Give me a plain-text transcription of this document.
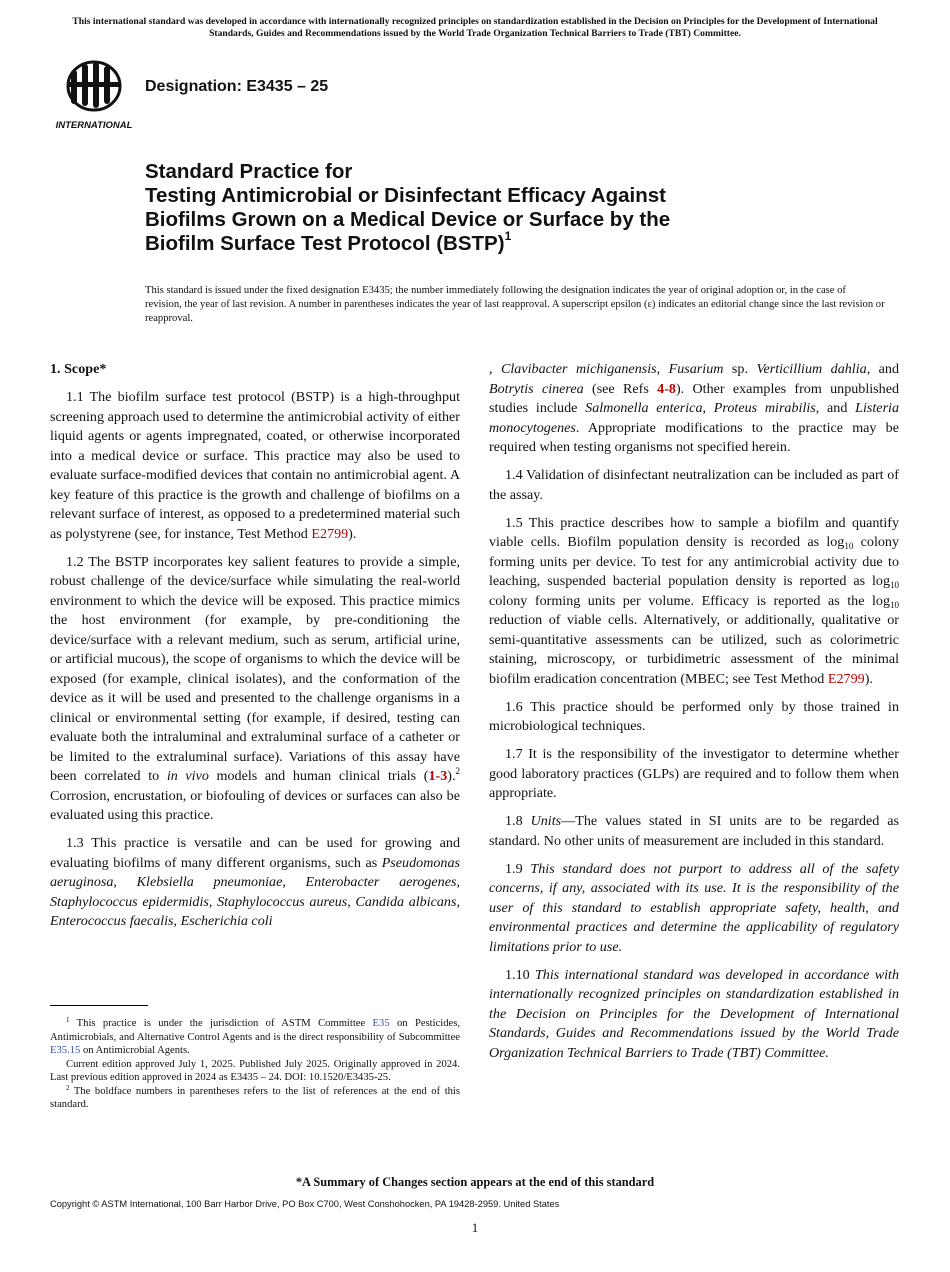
This international standard was developed in accordance with internationally recognized principles on standardization established in the Decision on Principles for the Development of International Standards, Guides and Recommendations issued by the World Trade Organization Technical Barriers to Trade (TBT) Committee.
INTERNATIONAL
Designation: E3435 – 25
Standard Practice for
Testing Antimicrobial or Disinfectant Efficacy Against
Biofilms Grown on a Medical Device or Surface by the
Biofilm Surface Test Protocol (BSTP)$^1$
This standard is issued under the fixed designation E3435; the number immediately following the designation indicates the year of original adoption or, in the case of revision, the year of last revision. A number in parentheses indicates the year of last reapproval. A superscript epsilon (ε) indicates an editorial change since the last revision or reapproval.

1. Scope*

1.1 The biofilm surface test protocol (BSTP) is a high-throughput screening approach used to determine the antimicrobial activity of either liquid agents or agents impregnated, coated, or otherwise incorporated into a medical device or surface. This practice may also be used to evaluate surface-modified devices that contain no antimicrobial agent. A key feature of this practice is the growth and challenge of biofilms on a relevant surface of interest, as opposed to a predetermined material such as polystyrene (see, for instance, Test Method E2799).

1.2 The BSTP incorporates key salient features to provide a simple, robust challenge of the device/surface while simulating the real-world environment to which the device will be exposed. This practice mimics the host environment (for example, by pre-conditioning the device/surface with a relevant medium, such as serum, artificial urine, or artificial mucous), the scope of organisms to which the device will be exposed (for example, clinical isolates), and the conformation of the device as it will be used and presented to the challenge organisms in a clinical or environmental setting (for example, if desired, testing can evaluate both the intraluminal and extraluminal surface of a catheter or be limited to the extraluminal surface). Variations of this assay have been correlated to in vivo models and human clinical trials (1-3).$^2$ Corrosion, encrustation, or biofouling of devices or surfaces can also be evaluated using this practice.

1.3 This practice is versatile and can be used for growing and evaluating biofilms of many different organisms, such as Pseudomonas aeruginosa, Klebsiella pneumoniae, Enterobacter aerogenes, Staphylococcus epidermidis, Staphylococcus aureus, Candida albicans, Enterococcus faecalis, Escherichia coli

, Clavibacter michiganensis, Fusarium sp. Verticillium dahlia, and Botrytis cinerea (see Refs 4-8). Other examples from unpublished studies include Salmonella enterica, Proteus mirabilis, and Listeria monocytogenes. Appropriate modifications to the practice may be required when testing organisms not specified herein.

1.4 Validation of disinfectant neutralization can be included as part of the assay.

1.5 This practice describes how to sample a biofilm and quantify viable cells. Biofilm population density is recorded as $\log_{10}$ colony forming units per device. To test for any antimicrobial activity due to leaching, suspended bacterial population density is reported as $\log_{10}$ colony forming units per volume. Efficacy is reported as the $\log_{10}$ reduction of viable cells. Alternatively, or additionally, qualitative or semi-quantitative assessments can be utilized, such as colorimetric staining, microscopy, or turbidimetric assessment of the minimal biofilm eradication concentration (MBEC; see Test Method E2799).

1.6 This practice should be performed only by those trained in microbiological techniques.

1.7 It is the responsibility of the investigator to determine whether good laboratory practices (GLPs) are required and to follow them when appropriate.

1.8 Units—The values stated in SI units are to be regarded as standard. No other units of measurement are included in this standard.

1.9 This standard does not purport to address all of the safety concerns, if any, associated with its use. It is the responsibility of the user of this standard to establish appropriate safety, health, and environmental practices and determine the applicability of regulatory limitations prior to use.

1.10 This international standard was developed in accordance with internationally recognized principles on standardization established in the Decision on Principles for the Development of International Standards, Guides and Recommendations issued by the World Trade Organization Technical Barriers to Trade (TBT) Committee.

$^1$ This practice is under the jurisdiction of ASTM Committee E35 on Pesticides, Antimicrobials, and Alternative Control Agents and is the direct responsibility of Subcommittee E35.15 on Antimicrobial Agents.

Current edition approved July 1, 2025. Published July 2025. Originally approved in 2024. Last previous edition approved in 2024 as E3435 – 24. DOI: 10.1520/E3435-25.

$^2$ The boldface numbers in parentheses refers to the list of references at the end of this standard.

*A Summary of Changes section appears at the end of this standard
Copyright © ASTM International, 100 Barr Harbor Drive, PO Box C700, West Conshohocken, PA 19428-2959. United States
1
